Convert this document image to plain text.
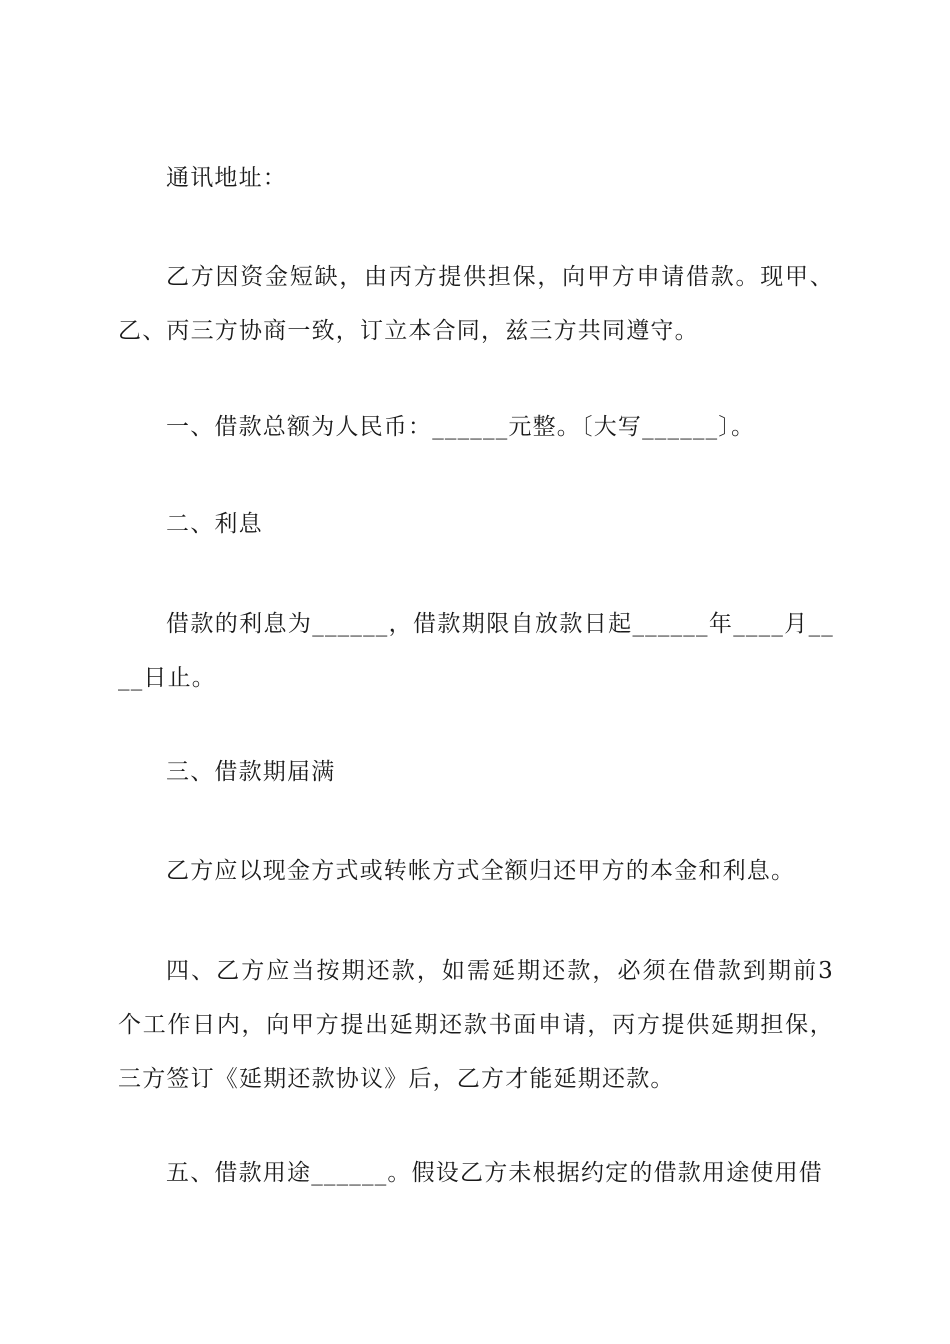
通讯地址：

乙方因资金短缺，由丙方提供担保，向甲方申请借款。现甲、乙、丙三方协商一致，订立本合同，兹三方共同遵守。

一、借款总额为人民币：______元整。〔大写______〕。

二、利息

借款的利息为______，借款期限自放款日起______年____月____日止。

三、借款期届满

乙方应以现金方式或转帐方式全额归还甲方的本金和利息。

四、乙方应当按期还款，如需延期还款，必须在借款到期前3个工作日内，向甲方提出延期还款书面申请，丙方提供延期担保，三方签订《延期还款协议》后，乙方才能延期还款。

五、借款用途______。假设乙方未根据约定的借款用途使用借
